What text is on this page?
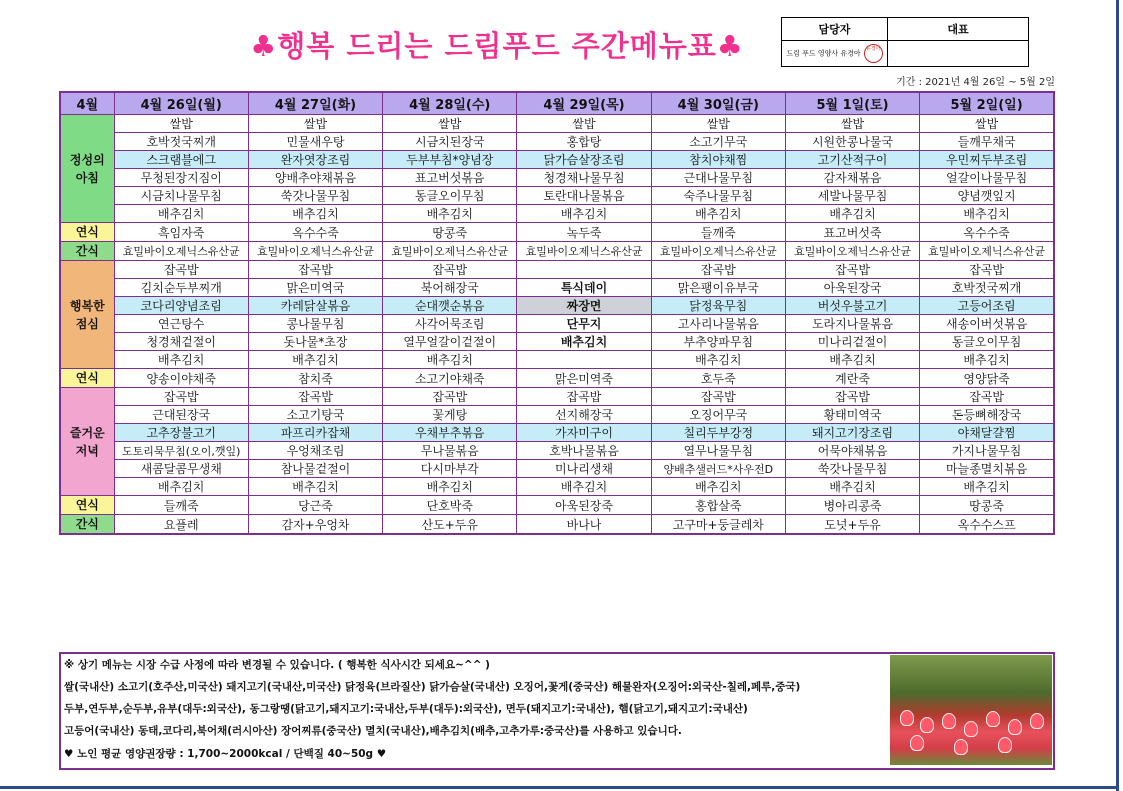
♣행복 드리는 드림푸드 주간메뉴표♣	담당자	대표
드림 푸드 영양사 유경아유경아	
기간 : 2021년 4월 26일 ~ 5월 2일
4월	4월 26일(월)	4월 27일(화)	4월 28일(수)	4월 29일(목)	4월 30일(금)	5월 1일(토)	5월 2일(일)
정성의
아침	쌀밥	쌀밥	쌀밥	쌀밥	쌀밥	쌀밥	쌀밥
	호박젓국찌개	민물새우탕	시금치된장국	홍합탕	소고기무국	시원한콩나물국	들깨무채국
	스크램블에그	완자엿장조림	두부부침*양념장	닭가슴살장조림	참치야채찜	고기산적구이	우민찌두부조림
	무청된장지짐이	양배추야채볶음	표고버섯볶음	청경채나물무침	근대나물무침	감자채볶음	얼갈이나물무침
	시금치나물무침	쑥갓나물무침	동글오이무침	토란대나물볶음	숙주나물무침	세발나물무침	양념깻잎지
	배추김치	배추김치	배추김치	배추김치	배추김치	배추김치	배추김치
연식	흑임자죽	옥수수죽	땅콩죽	녹두죽	들깨죽	표고버섯죽	옥수수죽
간식	효밀바이오제닉스유산균	효밀바이오제닉스유산균	효밀바이오제닉스유산균	효밀바이오제닉스유산균	효밀바이오제닉스유산균	효밀바이오제닉스유산균	효밀바이오제닉스유산균
행복한
점심	잡곡밥	잡곡밥	잡곡밥		잡곡밥	잡곡밥	잡곡밥
	김치순두부찌개	맑은미역국	북어해장국	특식데이	맑은팽이유부국	아욱된장국	호박젓국찌개
	코다리양념조림	카레닭살볶음	순대깻순볶음	짜장면	닭정육무침	버섯우불고기	고등어조림
	연근탕수	콩나물무침	사각어묵조림	단무지	고사리나물볶음	도라지나물볶음	새송이버섯볶음
	청경채겉절이	돗나물*초장	열무얼갈이겉절이	배추김치	부추양파무침	미나리겉절이	동글오이무침
	배추김치	배추김치	배추김치		배추김치	배추김치	배추김치
연식	양송이야채죽	참치죽	소고기야채죽	맑은미역죽	호두죽	계란죽	영양닭죽
즐거운
저녁	잡곡밥	잡곡밥	잡곡밥	잡곡밥	잡곡밥	잡곡밥	잡곡밥
	근대된장국	소고기탕국	꽃게탕	선지해장국	오징어무국	황태미역국	돈등뼈해장국
	고추장불고기	파프리카잡채	우채부추볶음	가자미구이	칠리두부강정	돼지고기장조림	야채달걀찜
	도토리묵무침(오이,깻잎)	우엉채조림	무나물볶음	호박나물볶음	열무나물무침	어묵야채볶음	가지나물무침
	새콤달콤무생채	참나물겉절이	다시마부각	미나리생채	양배추샐러드*사우전D	쑥갓나물무침	마늘종멸치볶음
	배추김치	배추김치	배추김치	배추김치	배추김치	배추김치	배추김치
연식	들깨죽	당근죽	단호박죽	아욱된장죽	홍합살죽	병아리콩죽	땅콩죽
간식	요플레	감자+우엉차	산도+두유	바나나	고구마+둥글레차	도넛+두유	옥수수스프
※ 상기 메뉴는 시장 수급 사정에 따라 변경될 수 있습니다. ( 행복한 식사시간 되세요~^^ )
쌀(국내산) 소고기(호주산,미국산) 돼지고기(국내산,미국산) 닭정육(브라질산) 닭가슴살(국내산) 오징어,꽃게(중국산) 해물완자(오징어:외국산-칠레,페루,중국)
두부,연두부,순두부,유부(대두:외국산), 동그랑땡(닭고기,돼지고기:국내산,두부(대두):외국산), 면두(돼지고기:국내산), 햄(닭고기,돼지고기:국내산)
고등어(국내산) 동태,코다리,북어채(러시아산) 장어찌류(중국산) 멸치(국내산),배추김치(배추,고추가루:중국산)를 사용하고 있습니다.
♥ 노인 평균 영양권장량 : 1,700~2000kcal / 단백질 40~50g ♥
